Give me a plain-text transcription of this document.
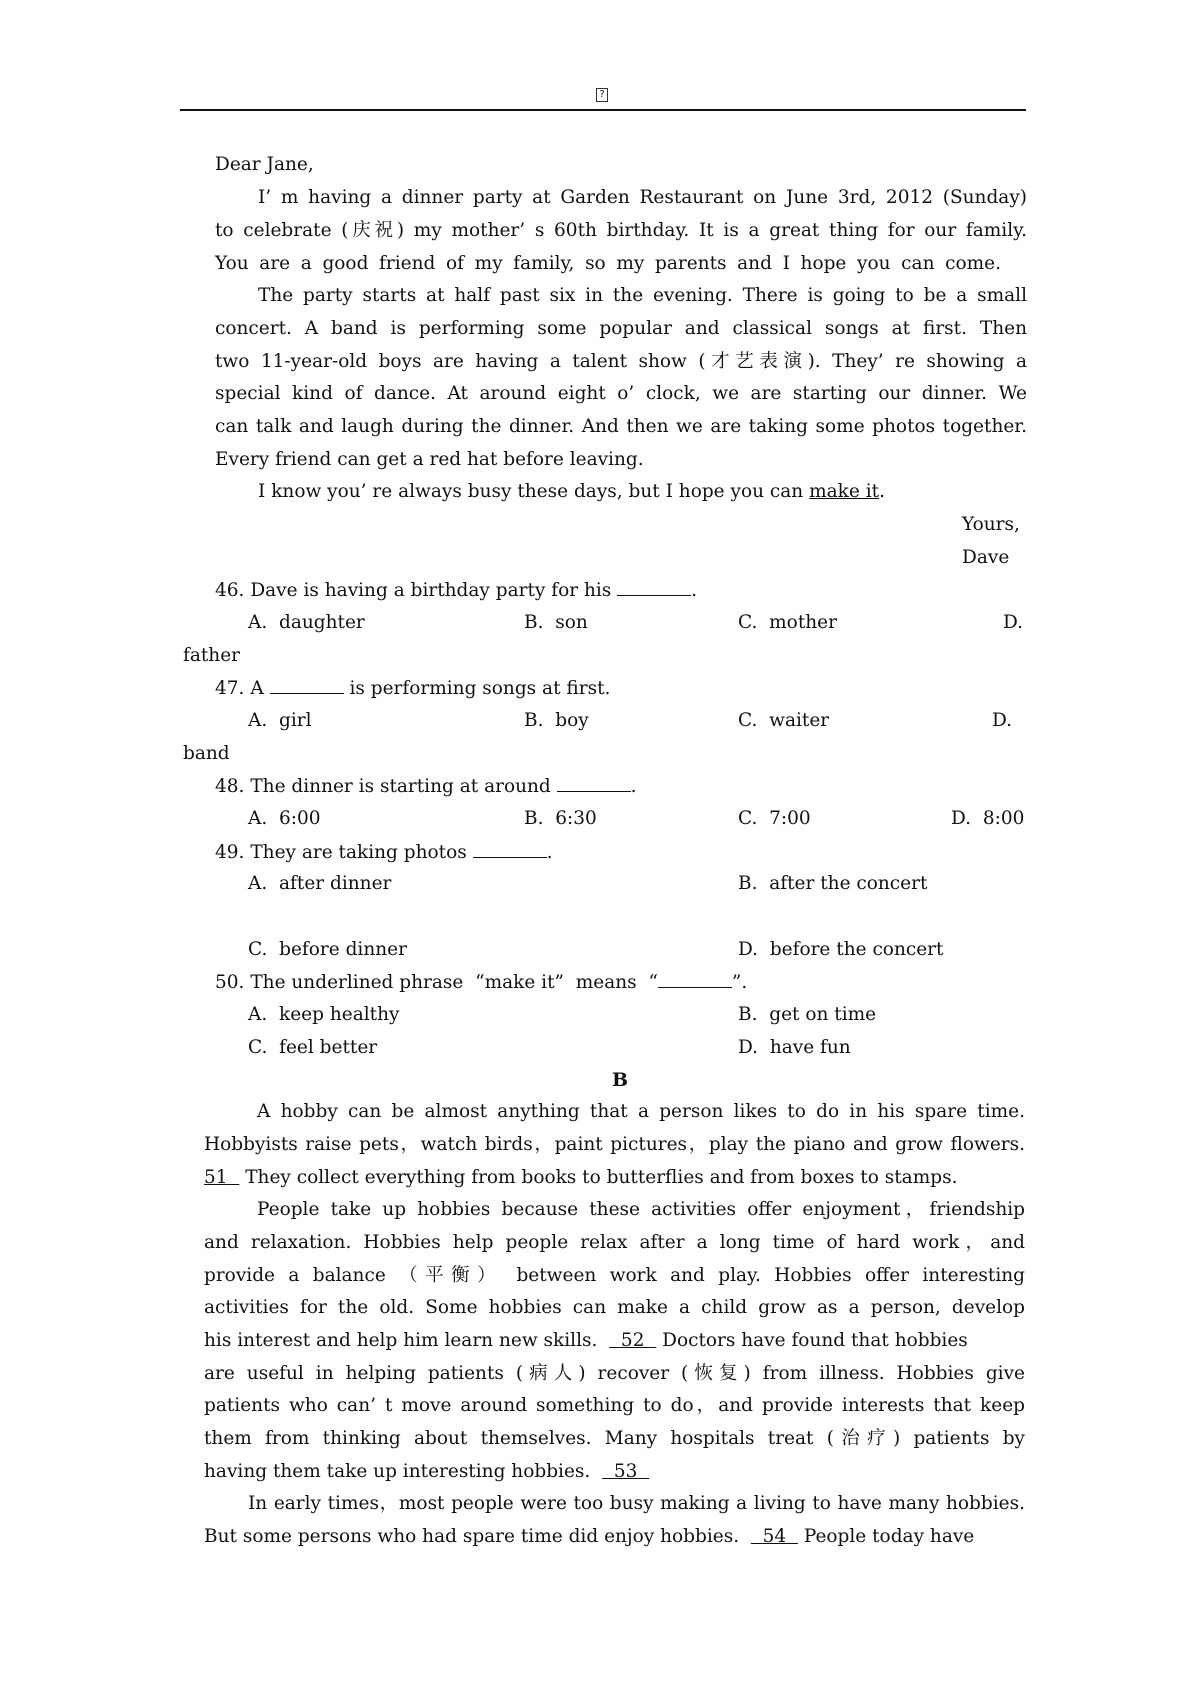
?
Dear Jane,
I’ m having a dinner party at Garden Restaurant on June 3rd, 2012 (Sunday)
to celebrate (庆祝) my mother’ s 60th birthday. It is a great thing for our family.
You are a good friend of my family, so my parents and I hope you can come.
The party starts at half past six in the evening. There is going to be a small
concert. A band is performing some popular and classical songs at first. Then
two 11-year-old boys are having a talent show (才艺表演). They’ re showing a
special kind of dance. At around eight o’ clock, we are starting our dinner. We
can talk and laugh during the dinner. And then we are taking some photos together.
Every friend can get a red hat before leaving.
I know you’ re always busy these days, but I hope you can make it.
Yours,
Dave
46. Dave is having a birthday party for his	.
A.  daughter	B.  son	C.  mother	D.
father
47. A	is performing songs at first.
A.  girl	B.  boy	C.  waiter	D.
band
48. The dinner is starting at around	.
A.  6:00	B.  6:30	C.  7:00	D.  8:00
49. They are taking photos	.
A.  after dinner	B.  after the concert
C.  before dinner	D.  before the concert
50. The underlined phrase  “make it”  means  “	”.
A.  keep healthy	B.  get on time
C.  feel better	D.  have fun
B
A hobby can be almost anything that a person likes to do in his spare time.
Hobbyists raise pets，watch birds，paint pictures，play the piano and grow flowers.
51   They collect everything from books to butterflies and from boxes to stamps.
People take up hobbies because these activities offer enjoyment，friendship
and relaxation. Hobbies help people relax after a long time of hard work，and
provide a balance （平衡） between work and play. Hobbies offer interesting
activities for the old. Some hobbies can make a child grow as a person, develop
his interest and help him learn new skills.    52   Doctors have found that hobbies
are useful in helping patients (病人) recover (恢复) from illness. Hobbies give
patients who can’ t move around something to do，and provide interests that keep
them from thinking about themselves. Many hospitals treat (治疗) patients by
having them take up interesting hobbies.    53
In early times，most people were too busy making a living to have many hobbies.
But some persons who had spare time did enjoy hobbies.    54   People today have
